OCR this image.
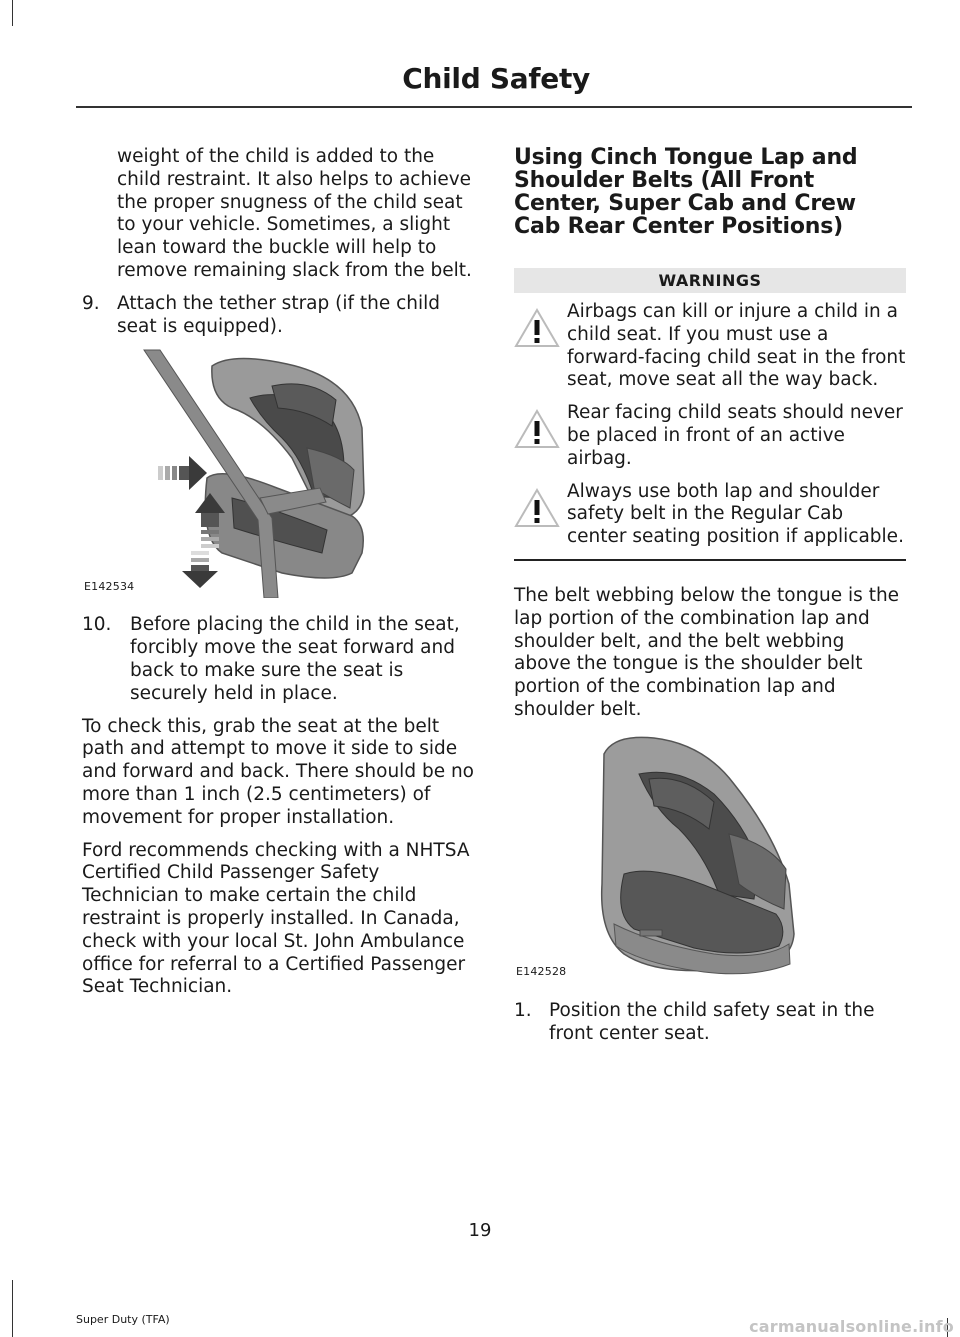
Child Safety

weight of the child is added to the child restraint. It also helps to achieve the proper snugness of the child seat to your vehicle. Sometimes, a slight lean toward the buckle will help to remove remaining slack from the belt.

9. Attach the tether strap (if the child seat is equipped).
E142534
10. Before placing the child in the seat, forcibly move the seat forward and back to make sure the seat is securely held in place.

To check this, grab the seat at the belt path and attempt to move it side to side and forward and back. There should be no more than 1 inch (2.5 centimeters) of movement for proper installation.

Ford recommends checking with a NHTSA Certified Child Passenger Safety Technician to make certain the child restraint is properly installed. In Canada, check with your local St. John Ambulance office for referral to a Certified Passenger Seat Technician.

Using Cinch Tongue Lap and Shoulder Belts (All Front Center, Super Cab and Crew Cab Rear Center Positions)
WARNINGS
Airbags can kill or injure a child in a child seat. If you must use a forward-facing child seat in the front seat, move seat all the way back.
Rear facing child seats should never be placed in front of an active airbag.
Always use both lap and shoulder safety belt in the Regular Cab center seating position if applicable.

The belt webbing below the tongue is the lap portion of the combination lap and shoulder belt, and the belt webbing above the tongue is the shoulder belt portion of the combination lap and shoulder belt.

E142528
1. Position the child safety seat in the front center seat.
19
Super Duty (TFA)	carmanualsonline.info
